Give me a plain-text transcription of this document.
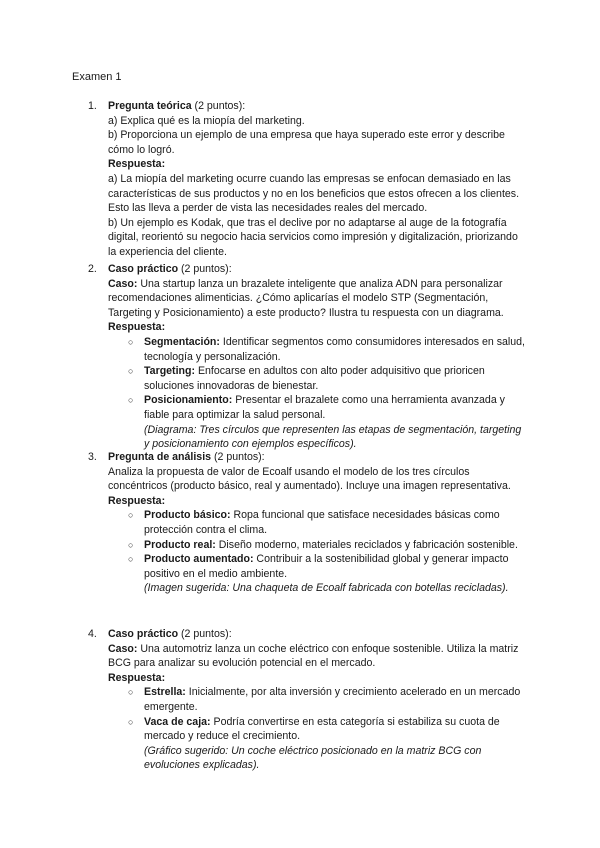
Examen 1
1. Pregunta teórica (2 puntos):
a) Explica qué es la miopía del marketing.
b) Proporciona un ejemplo de una empresa que haya superado este error y describe cómo lo logró.
Respuesta:
a) La miopía del marketing ocurre cuando las empresas se enfocan demasiado en las características de sus productos y no en los beneficios que estos ofrecen a los clientes. Esto las lleva a perder de vista las necesidades reales del mercado.
b) Un ejemplo es Kodak, que tras el declive por no adaptarse al auge de la fotografía digital, reorientó su negocio hacia servicios como impresión y digitalización, priorizando la experiencia del cliente.
2. Caso práctico (2 puntos):
Caso: Una startup lanza un brazalete inteligente que analiza ADN para personalizar recomendaciones alimenticias. ¿Cómo aplicarías el modelo STP (Segmentación, Targeting y Posicionamiento) a este producto? Ilustra tu respuesta con un diagrama.
Respuesta:
○ Segmentación: Identificar segmentos como consumidores interesados en salud, tecnología y personalización.
○ Targeting: Enfocarse en adultos con alto poder adquisitivo que prioricen soluciones innovadoras de bienestar.
○ Posicionamiento: Presentar el brazalete como una herramienta avanzada y fiable para optimizar la salud personal.
(Diagrama: Tres círculos que representen las etapas de segmentación, targeting y posicionamiento con ejemplos específicos).
3. Pregunta de análisis (2 puntos):
Analiza la propuesta de valor de Ecoalf usando el modelo de los tres círculos concéntricos (producto básico, real y aumentado). Incluye una imagen representativa.
Respuesta:
○ Producto básico: Ropa funcional que satisface necesidades básicas como protección contra el clima.
○ Producto real: Diseño moderno, materiales reciclados y fabricación sostenible.
○ Producto aumentado: Contribuir a la sostenibilidad global y generar impacto positivo en el medio ambiente.
(Imagen sugerida: Una chaqueta de Ecoalf fabricada con botellas recicladas).
4. Caso práctico (2 puntos):
Caso: Una automotriz lanza un coche eléctrico con enfoque sostenible. Utiliza la matriz BCG para analizar su evolución potencial en el mercado.
Respuesta:
○ Estrella: Inicialmente, por alta inversión y crecimiento acelerado en un mercado emergente.
○ Vaca de caja: Podría convertirse en esta categoría si estabiliza su cuota de mercado y reduce el crecimiento.
(Gráfico sugerido: Un coche eléctrico posicionado en la matriz BCG con evoluciones explicadas).
